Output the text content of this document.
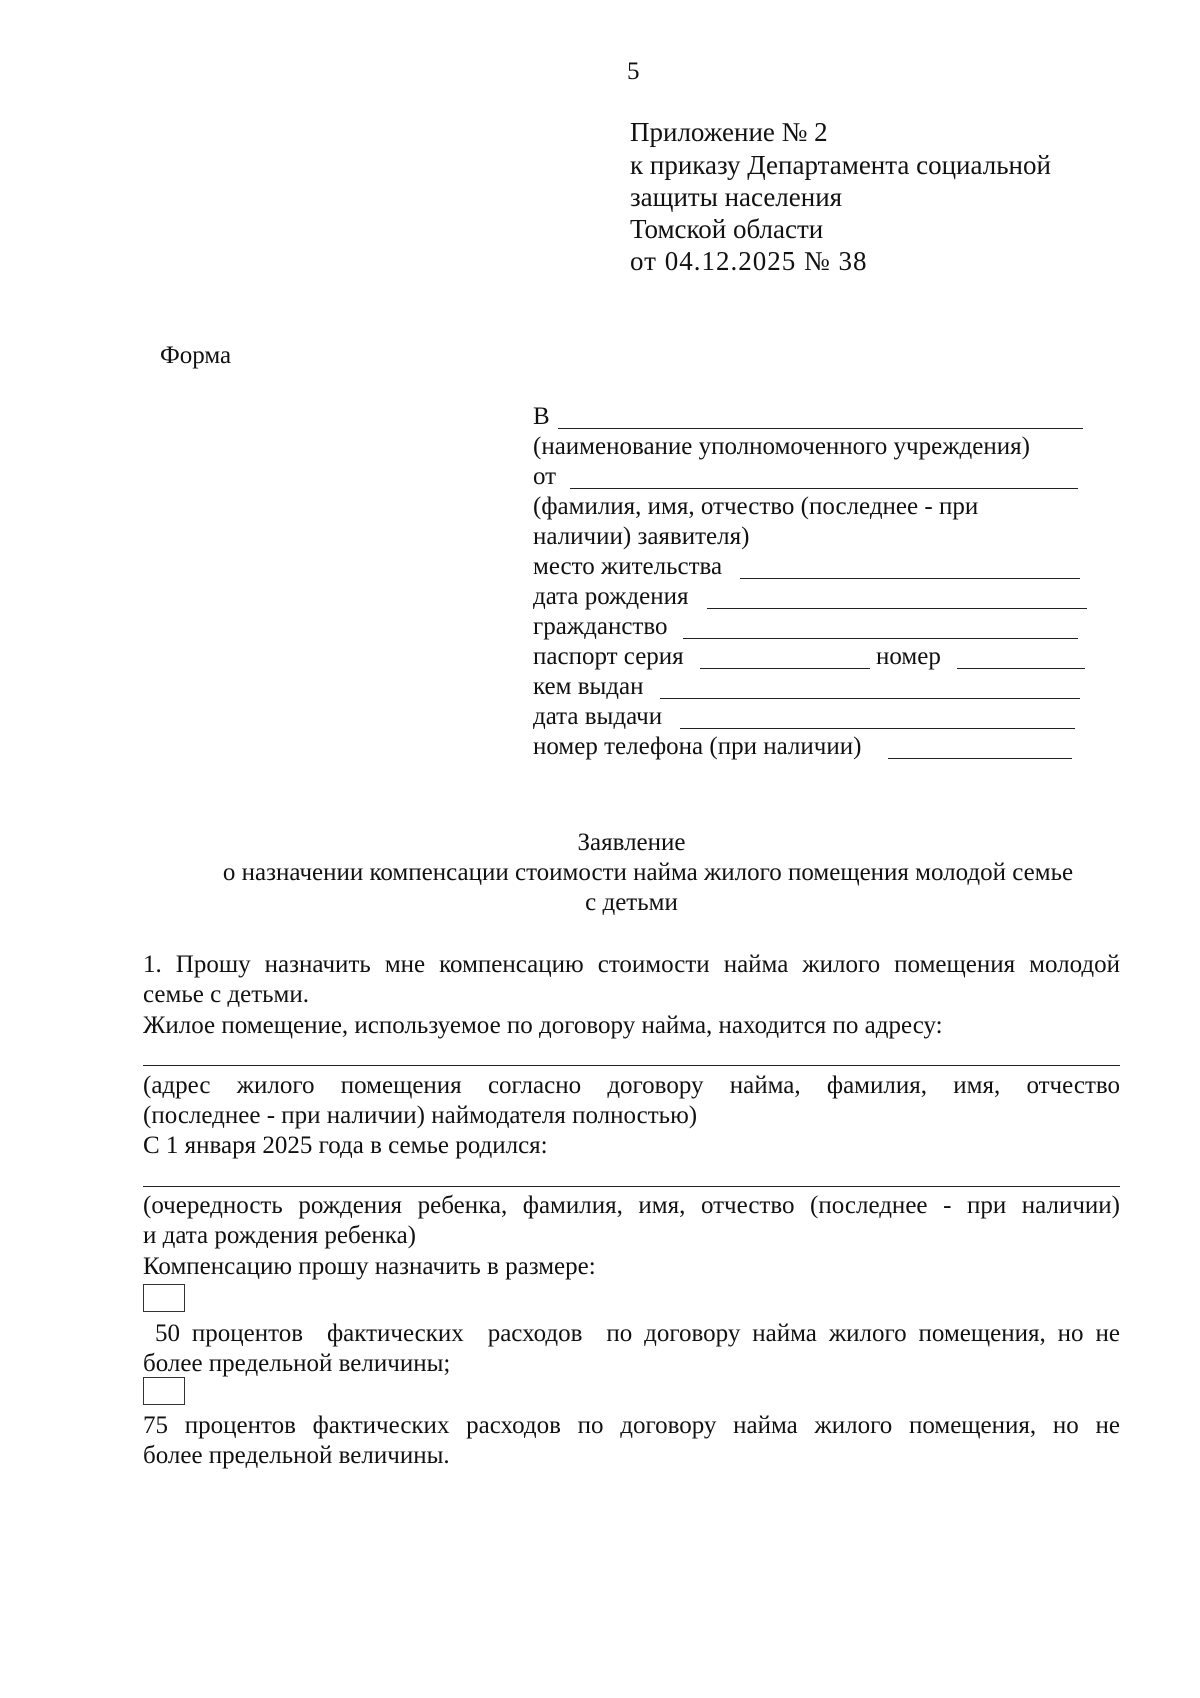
5
Приложение № 2
к приказу Департамента социальной
защиты населения
Томской области
от 04.12.2025 № 38
Форма
В
(наименование уполномоченного учреждения)
от
(фамилия, имя, отчество (последнее - при
наличии) заявителя)
место жительства
дата рождения
гражданство
паспорт серия	номер
кем выдан
дата выдачи
номер телефона (при наличии)
Заявление
о назначении компенсации стоимости найма жилого помещения молодой семье
с детьми
1. Прошу назначить мне компенсацию стоимости найма жилого помещения молодой
семье с детьми.
Жилое помещение, используемое по договору найма, находится по адресу:
(адрес жилого помещения согласно договору найма, фамилия, имя, отчество
(последнее - при наличии) наймодателя полностью)
С 1 января 2025 года в семье родился:
(очередность рождения ребенка, фамилия, имя, отчество (последнее - при наличии)
и дата рождения ребенка)
Компенсацию прошу назначить в размере:
50 процентов  фактических  расходов  по договору найма жилого помещения, но не
более предельной величины;
75 процентов фактических расходов по договору найма жилого помещения, но не
более предельной величины.
